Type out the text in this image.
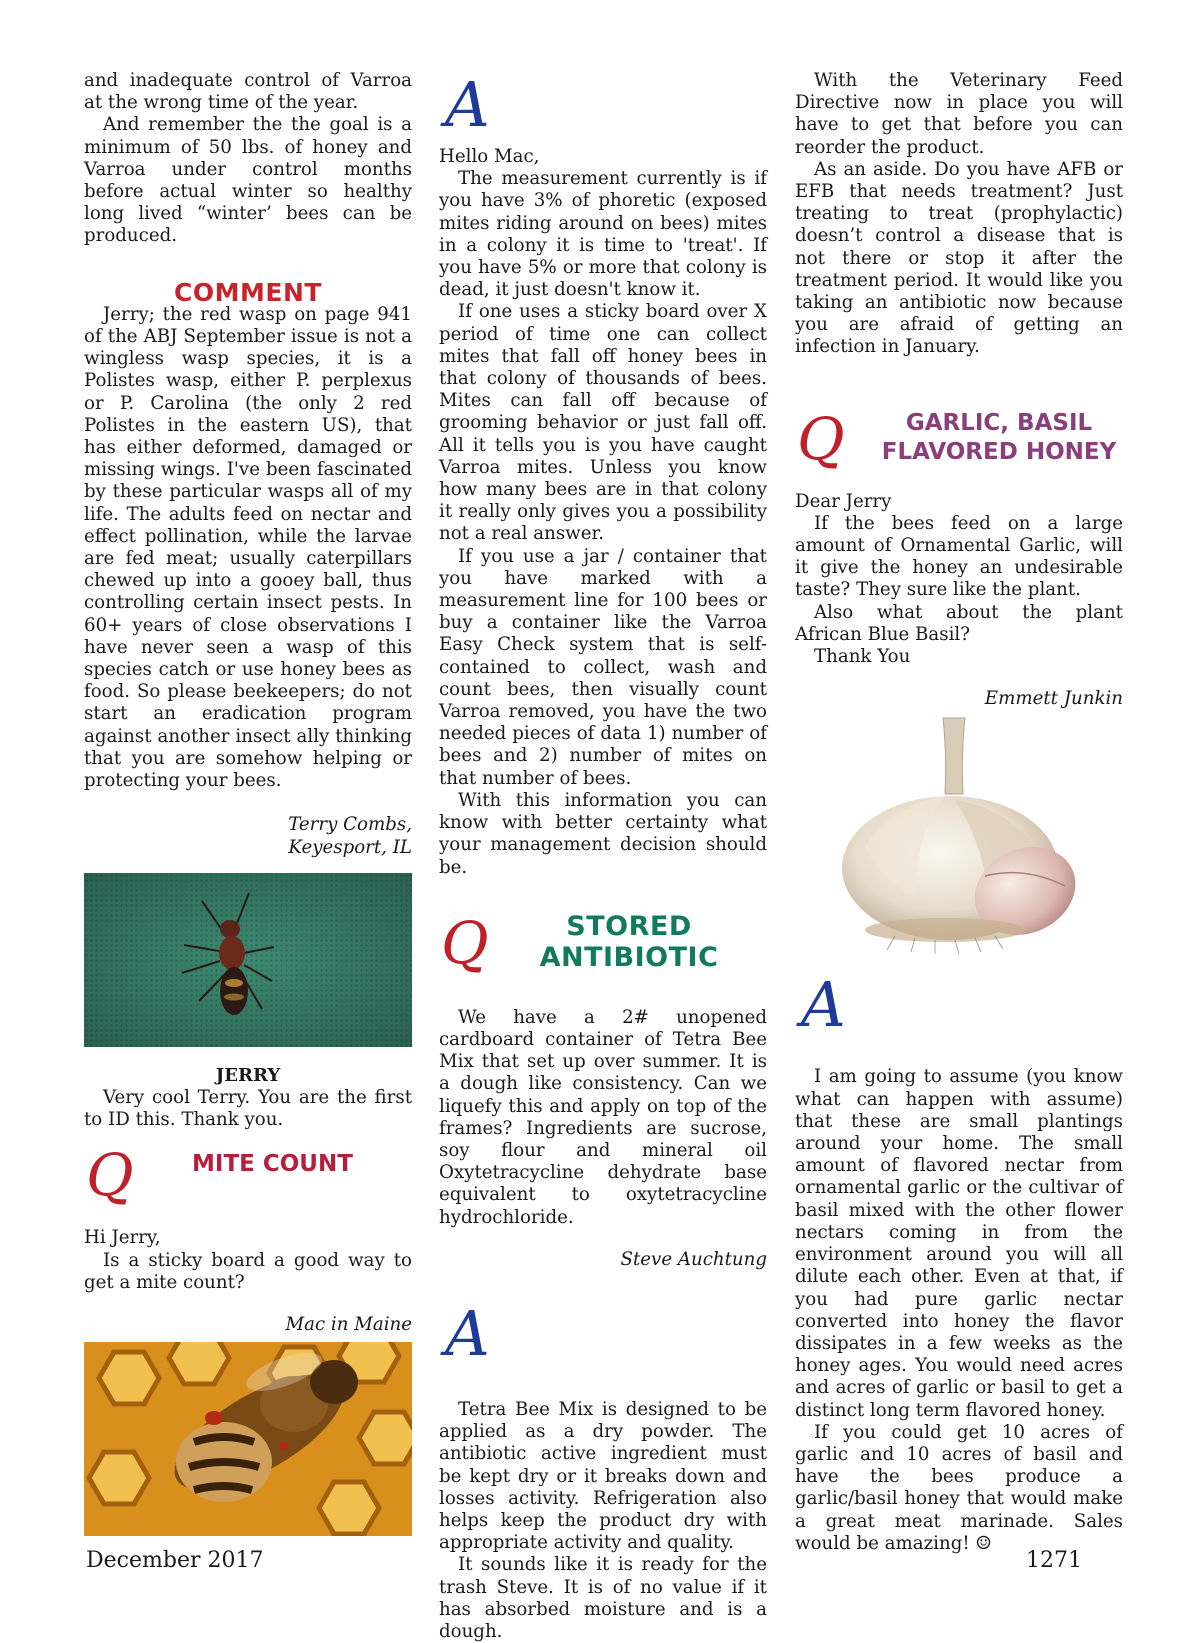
and inadequate control of Varroa at the wrong time of the year.

And remember the the goal is a minimum of 50 lbs. of honey and Varroa under control months before actual winter so healthy long lived “winter’ bees can be produced.

COMMENT

Jerry; the red wasp on page 941 of the ABJ September issue is not a wingless wasp species, it is a Polistes wasp, either P. perplexus or P. Carolina (the only 2 red Polistes in the eastern US), that has either deformed, damaged or missing wings. I've been fascinated by these particular wasps all of my life. The adults feed on nectar and effect pollination, while the larvae are fed meat; usually caterpillars chewed up into a gooey ball, thus controlling certain insect pests. In 60+ years of close observations I have never seen a wasp of this species catch or use honey bees as food. So please beekeepers; do not start an eradication program against another insect ally thinking that you are somehow helping or protecting your bees.

Terry Combs,
Keyesport, IL
JERRY

Very cool Terry. You are the first to ID this. Thank you.

Q	MITE COUNT

Hi Jerry,

Is a sticky board a good way to get a mite count?

Mac in Maine
A

Hello Mac,

The measurement currently is if you have 3% of phoretic (exposed mites riding around on bees) mites in a colony it is time to 'treat'. If you have 5% or more that colony is dead, it just doesn't know it.

If one uses a sticky board over X period of time one can collect mites that fall off honey bees in that colony of thousands of bees. Mites can fall off because of grooming behavior or just fall off. All it tells you is you have caught Varroa mites. Unless you know how many bees are in that colony it really only gives you a possibility not a real answer.

If you use a jar / container that you have marked with a measurement line for 100 bees or buy a container like the Varroa Easy Check system that is self-contained to collect, wash and count bees, then visually count Varroa removed, you have the two needed pieces of data 1) number of bees and 2) number of mites on that number of bees.

With this information you can know with better certainty what your management decision should be.

Q	STORED
ANTIBIOTIC

We have a 2# unopened cardboard container of Tetra Bee Mix that set up over summer. It is a dough like consistency. Can we liquefy this and apply on top of the frames? Ingredients are sucrose, soy flour and mineral oil Oxytetracycline dehydrate base equivalent to oxytetracycline hydrochloride.

Steve Auchtung
A

Tetra Bee Mix is designed to be applied as a dry powder. The antibiotic active ingredient must be kept dry or it breaks down and losses activity. Refrigeration also helps keep the product dry with appropriate activity and quality.

It sounds like it is ready for the trash Steve. It is of no value if it has absorbed moisture and is a dough.

With the Veterinary Feed Directive now in place you will have to get that before you can reorder the product.

As an aside. Do you have AFB or EFB that needs treatment? Just treating to treat (prophylactic) doesn’t control a disease that is not there or stop it after the treatment period. It would like you taking an antibiotic now because you are afraid of getting an infection in January.

Q	GARLIC, BASIL
FLAVORED HONEY

Dear Jerry

If the bees feed on a large amount of Ornamental Garlic, will it give the honey an undesirable taste? They sure like the plant.

Also what about the plant African Blue Basil?

Thank You

Emmett Junkin
A

I am going to assume (you know what can happen with assume) that these are small plantings around your home. The small amount of flavored nectar from ornamental garlic or the cultivar of basil mixed with the other flower nectars coming in from the environment around you will all dilute each other. Even at that, if you had pure garlic nectar converted into honey the flavor dissipates in a few weeks as the honey ages. You would need acres and acres of garlic or basil to get a distinct long term flavored honey.

If you could get 10 acres of garlic and 10 acres of basil and have the bees produce a garlic/basil honey that would make a great meat marinade. Sales would be amazing! ☺

December 2017	1271
